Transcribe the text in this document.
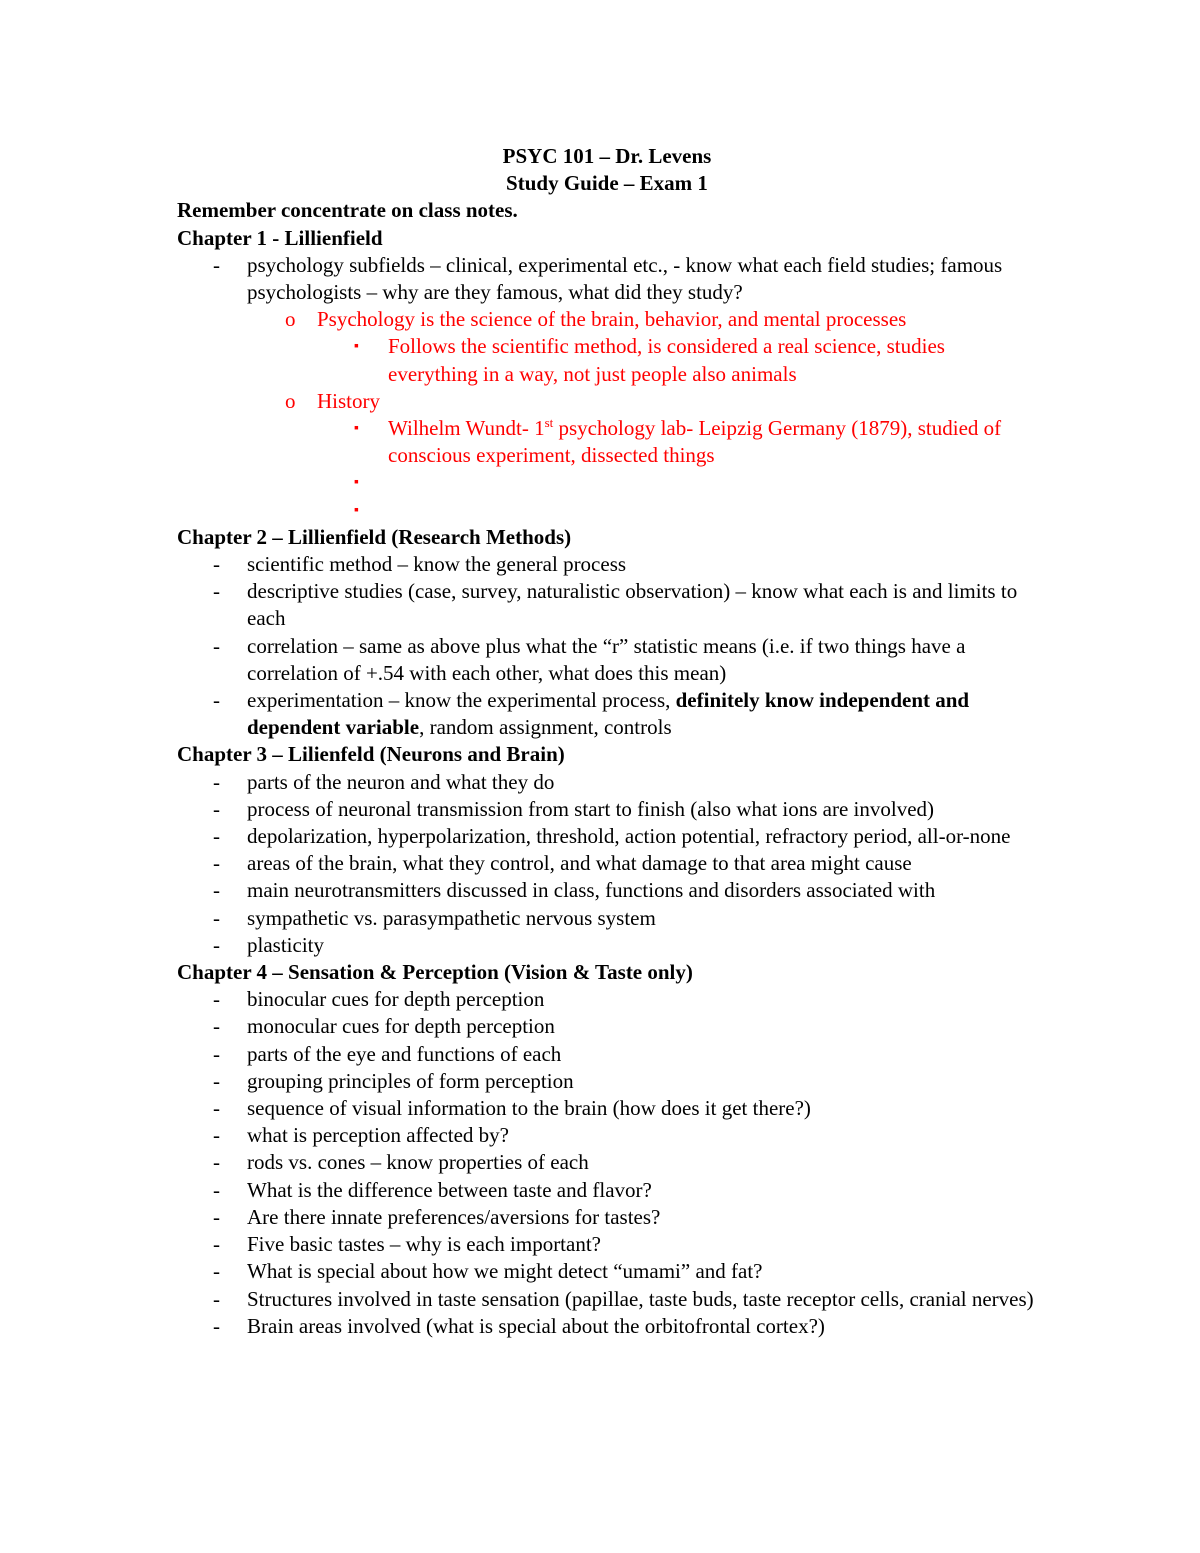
PSYC 101 – Dr. Levens
Study Guide – Exam 1
Remember concentrate on class notes.
Chapter 1 - Lillienfield
- psychology subfields – clinical, experimental etc., - know what each field studies; famous psychologists – why are they famous, what did they study?
o Psychology is the science of the brain, behavior, and mental processes
▪ Follows the scientific method, is considered a real science, studies everything in a way, not just people also animals
o History
▪ Wilhelm Wundt- 1st psychology lab- Leipzig Germany (1879), studied of conscious experiment, dissected things
▪
▪
Chapter 2 – Lillienfield (Research Methods)
- scientific method – know the general process
- descriptive studies (case, survey, naturalistic observation) – know what each is and limits to each
- correlation – same as above plus what the “r” statistic means (i.e. if two things have a correlation of +.54 with each other, what does this mean)
- experimentation – know the experimental process, definitely know independent and dependent variable, random assignment, controls
Chapter 3 – Lilienfeld (Neurons and Brain)
- parts of the neuron and what they do
- process of neuronal transmission from start to finish (also what ions are involved)
- depolarization, hyperpolarization, threshold, action potential, refractory period, all-or-none
- areas of the brain, what they control, and what damage to that area might cause
- main neurotransmitters discussed in class, functions and disorders associated with
- sympathetic vs. parasympathetic nervous system
- plasticity
Chapter 4 – Sensation & Perception (Vision & Taste only)
- binocular cues for depth perception
- monocular cues for depth perception
- parts of the eye and functions of each
- grouping principles of form perception
- sequence of visual information to the brain (how does it get there?)
- what is perception affected by?
- rods vs. cones – know properties of each
- What is the difference between taste and flavor?
- Are there innate preferences/aversions for tastes?
- Five basic tastes – why is each important?
- What is special about how we might detect “umami” and fat?
- Structures involved in taste sensation (papillae, taste buds, taste receptor cells, cranial nerves)
- Brain areas involved (what is special about the orbitofrontal cortex?)
